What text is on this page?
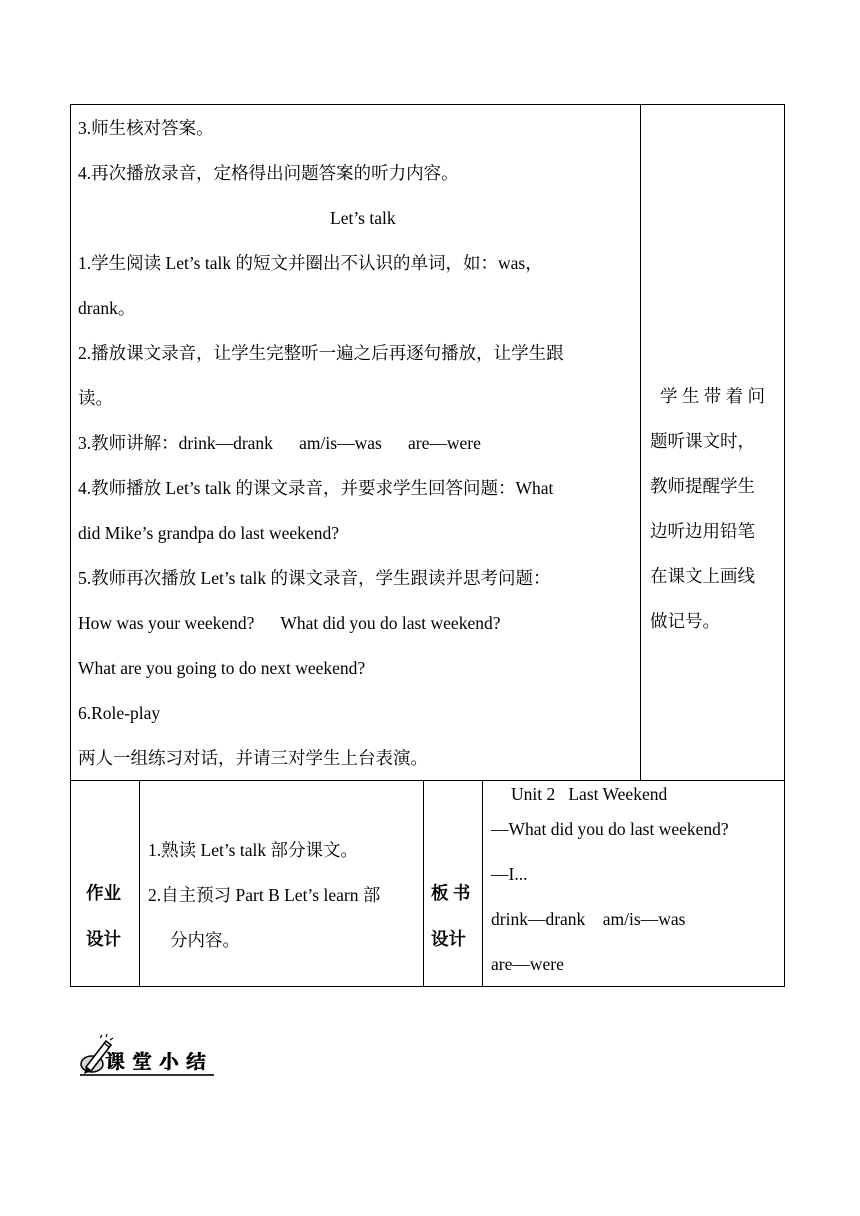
3.师生核对答案。
4.再次播放录音，定格得出问题答案的听力内容。
Let’s talk
1.学生阅读 Let’s talk 的短文并圈出不认识的单词，如：was，
drank。
2.播放课文录音，让学生完整听一遍之后再逐句播放，让学生跟
读。
3.教师讲解：drink—drank      am/is—was      are—were
4.教师播放 Let’s talk 的课文录音，并要求学生回答问题：What
did Mike’s grandpa do last weekend?
5.教师再次播放 Let’s talk 的课文录音，学生跟读并思考问题：
How was your weekend?      What did you do last weekend?
What are you going to do next weekend?
6.Role-play
两人一组练习对话，并请三对学生上台表演。
学 生 带 着 问
题听课文时，
教师提醒学生
边听边用铅笔
在课文上画线
做记号。
作业
设计
1.熟读 Let’s talk 部分课文。
2.自主预习 Part B Let’s learn 部
分内容。
板 书
设计
Unit 2   Last Weekend
—What did you do last weekend?
—I...
drink—drank    am/is—was
are—were
课堂小结
